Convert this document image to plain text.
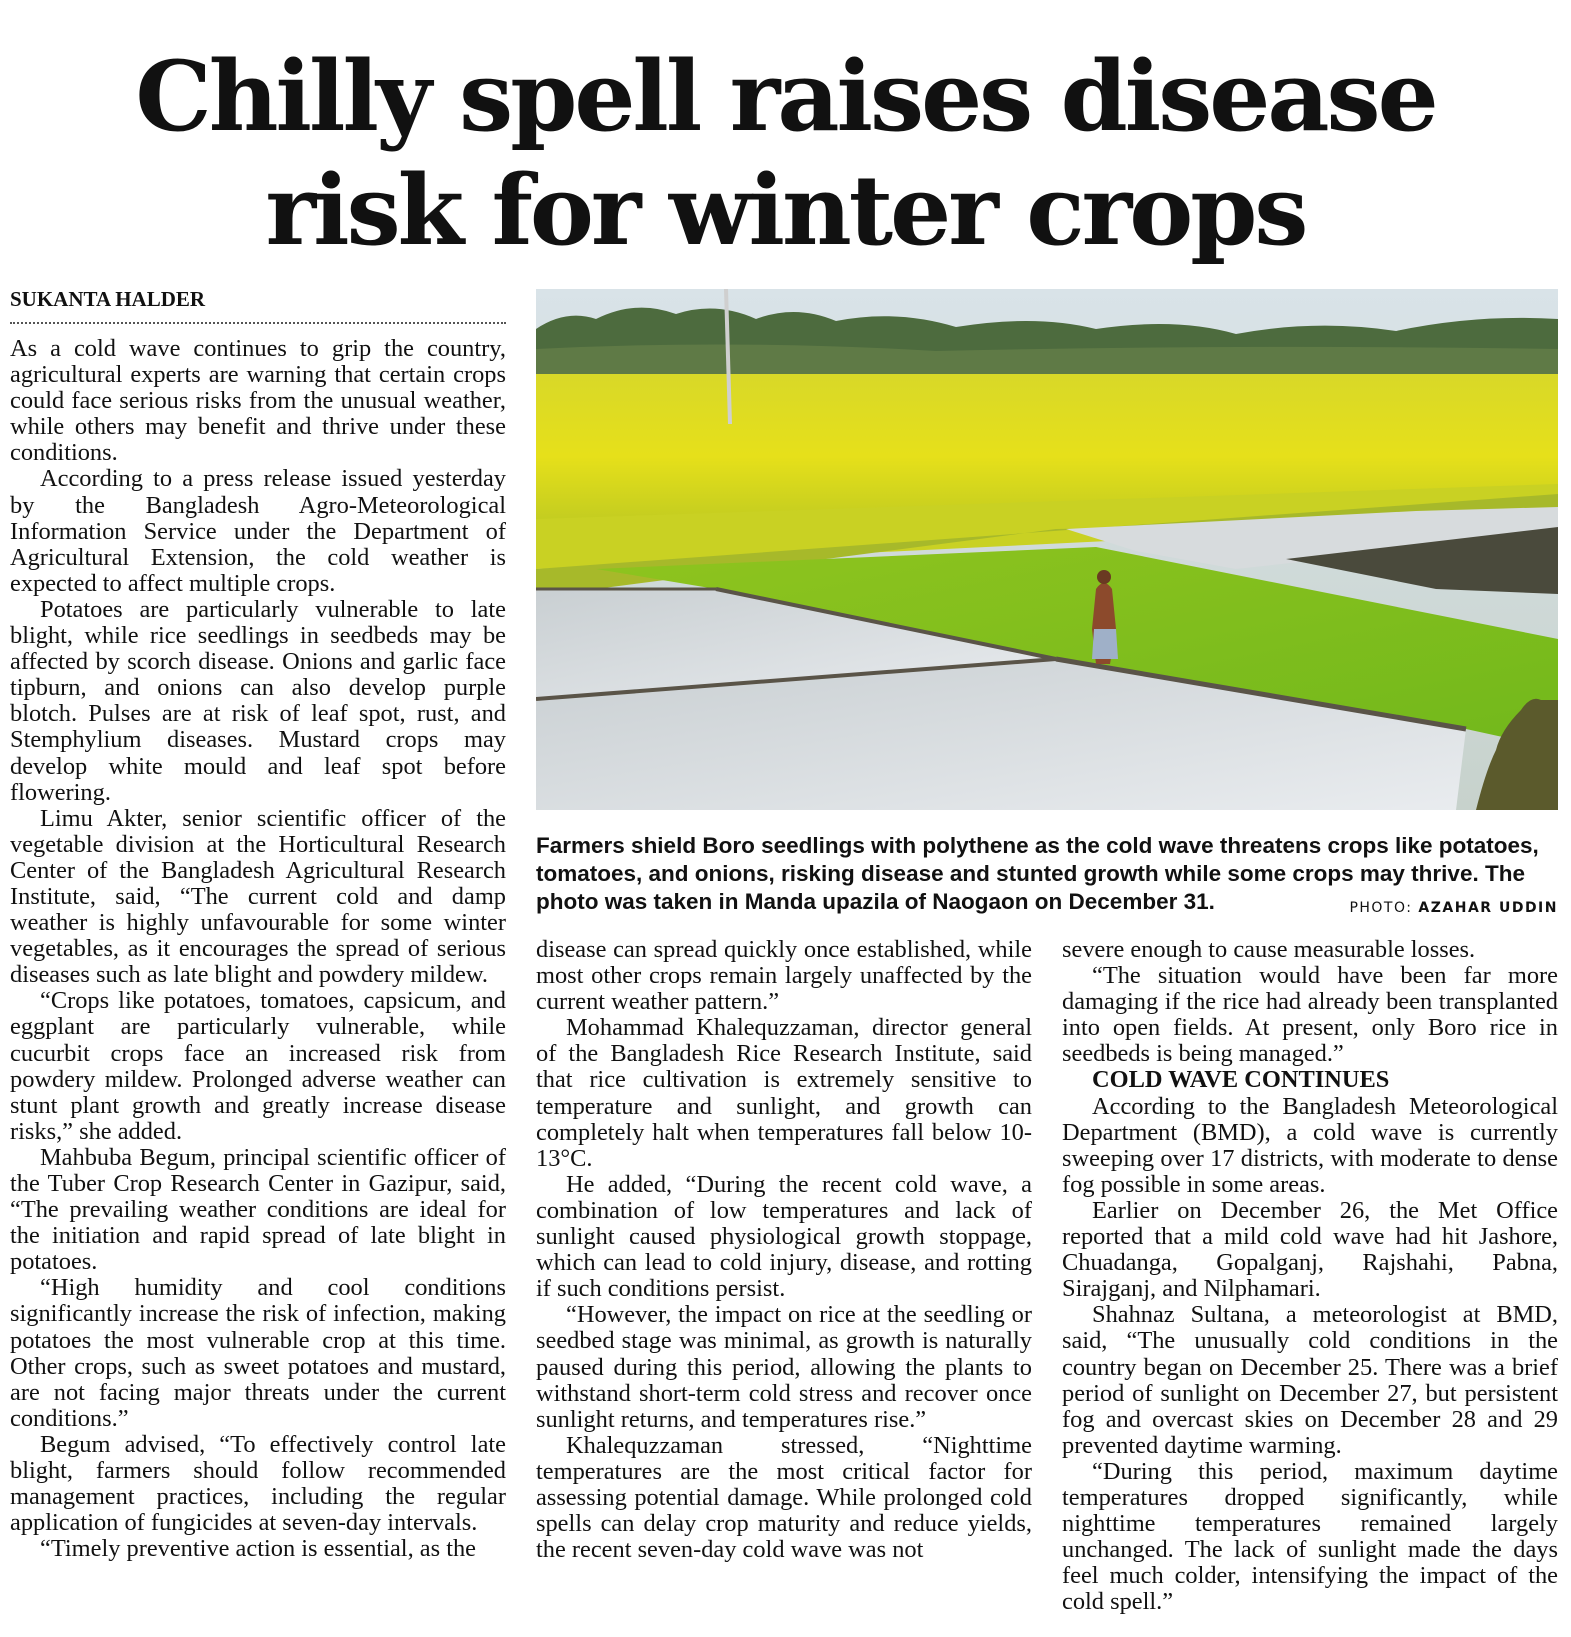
Chilly spell raises disease
risk for winter crops
SUKANTA HALDER

As a cold wave continues to grip the country, agricultural experts are warning that certain crops could face serious risks from the unusual weather, while others may benefit and thrive under these conditions.

According to a press release issued yesterday by the Bangladesh Agro-Meteorological Information Service under the Department of Agricultural Extension, the cold weather is expected to affect multiple crops.

Potatoes are particularly vulnerable to late blight, while rice seedlings in seedbeds may be affected by scorch disease. Onions and garlic face tipburn, and onions can also develop purple blotch. Pulses are at risk of leaf spot, rust, and Stemphylium diseases. Mustard crops may develop white mould and leaf spot before flowering.

Limu Akter, senior scientific officer of the vegetable division at the Horticultural Research Center of the Bangladesh Agricultural Research Institute, said, “The current cold and damp weather is highly unfavourable for some winter vegetables, as it encourages the spread of serious diseases such as late blight and powdery mildew.

“Crops like potatoes, tomatoes, capsicum, and eggplant are particularly vulnerable, while cucurbit crops face an increased risk from powdery mildew. Prolonged adverse weather can stunt plant growth and greatly increase disease risks,” she added.

Mahbuba Begum, principal scientific officer of the Tuber Crop Research Center in Gazipur, said, “The prevailing weather conditions are ideal for the initiation and rapid spread of late blight in potatoes.

“High humidity and cool conditions significantly increase the risk of infection, making potatoes the most vulnerable crop at this time. Other crops, such as sweet potatoes and mustard, are not facing major threats under the current conditions.”

Begum advised, “To effectively control late blight, farmers should follow recommended management practices, including the regular application of fungicides at seven-day intervals.

“Timely preventive action is essential, as the

Farmers shield Boro seedlings with polythene as the cold wave threatens crops like potatoes, tomatoes, and onions, risking disease and stunted growth while some crops may thrive. The photo was taken in Manda upazila of Naogaon on December 31.	PHOTO: AZAHAR UDDIN

disease can spread quickly once established, while most other crops remain largely unaffected by the current weather pattern.”

Mohammad Khalequzzaman, director general of the Bangladesh Rice Research Institute, said that rice cultivation is extremely sensitive to temperature and sunlight, and growth can completely halt when temperatures fall below 10-13°C.

He added, “During the recent cold wave, a combination of low temperatures and lack of sunlight caused physiological growth stoppage, which can lead to cold injury, disease, and rotting if such conditions persist.

“However, the impact on rice at the seedling or seedbed stage was minimal, as growth is naturally paused during this period, allowing the plants to withstand short-term cold stress and recover once sunlight returns, and temperatures rise.”

Khalequzzaman stressed, “Nighttime temperatures are the most critical factor for assessing potential damage. While prolonged cold spells can delay crop maturity and reduce yields, the recent seven-day cold wave was not

severe enough to cause measurable losses.

“The situation would have been far more damaging if the rice had already been transplanted into open fields. At present, only Boro rice in seedbeds is being managed.”

COLD WAVE CONTINUES

According to the Bangladesh Meteorological Department (BMD), a cold wave is currently sweeping over 17 districts, with moderate to dense fog possible in some areas.

Earlier on December 26, the Met Office reported that a mild cold wave had hit Jashore, Chuadanga, Gopalganj, Rajshahi, Pabna, Sirajganj, and Nilphamari.

Shahnaz Sultana, a meteorologist at BMD, said, “The unusually cold conditions in the country began on December 25. There was a brief period of sunlight on December 27, but persistent fog and overcast skies on December 28 and 29 prevented daytime warming.

“During this period, maximum daytime temperatures dropped significantly, while nighttime temperatures remained largely unchanged. The lack of sunlight made the days feel much colder, intensifying the impact of the cold spell.”
